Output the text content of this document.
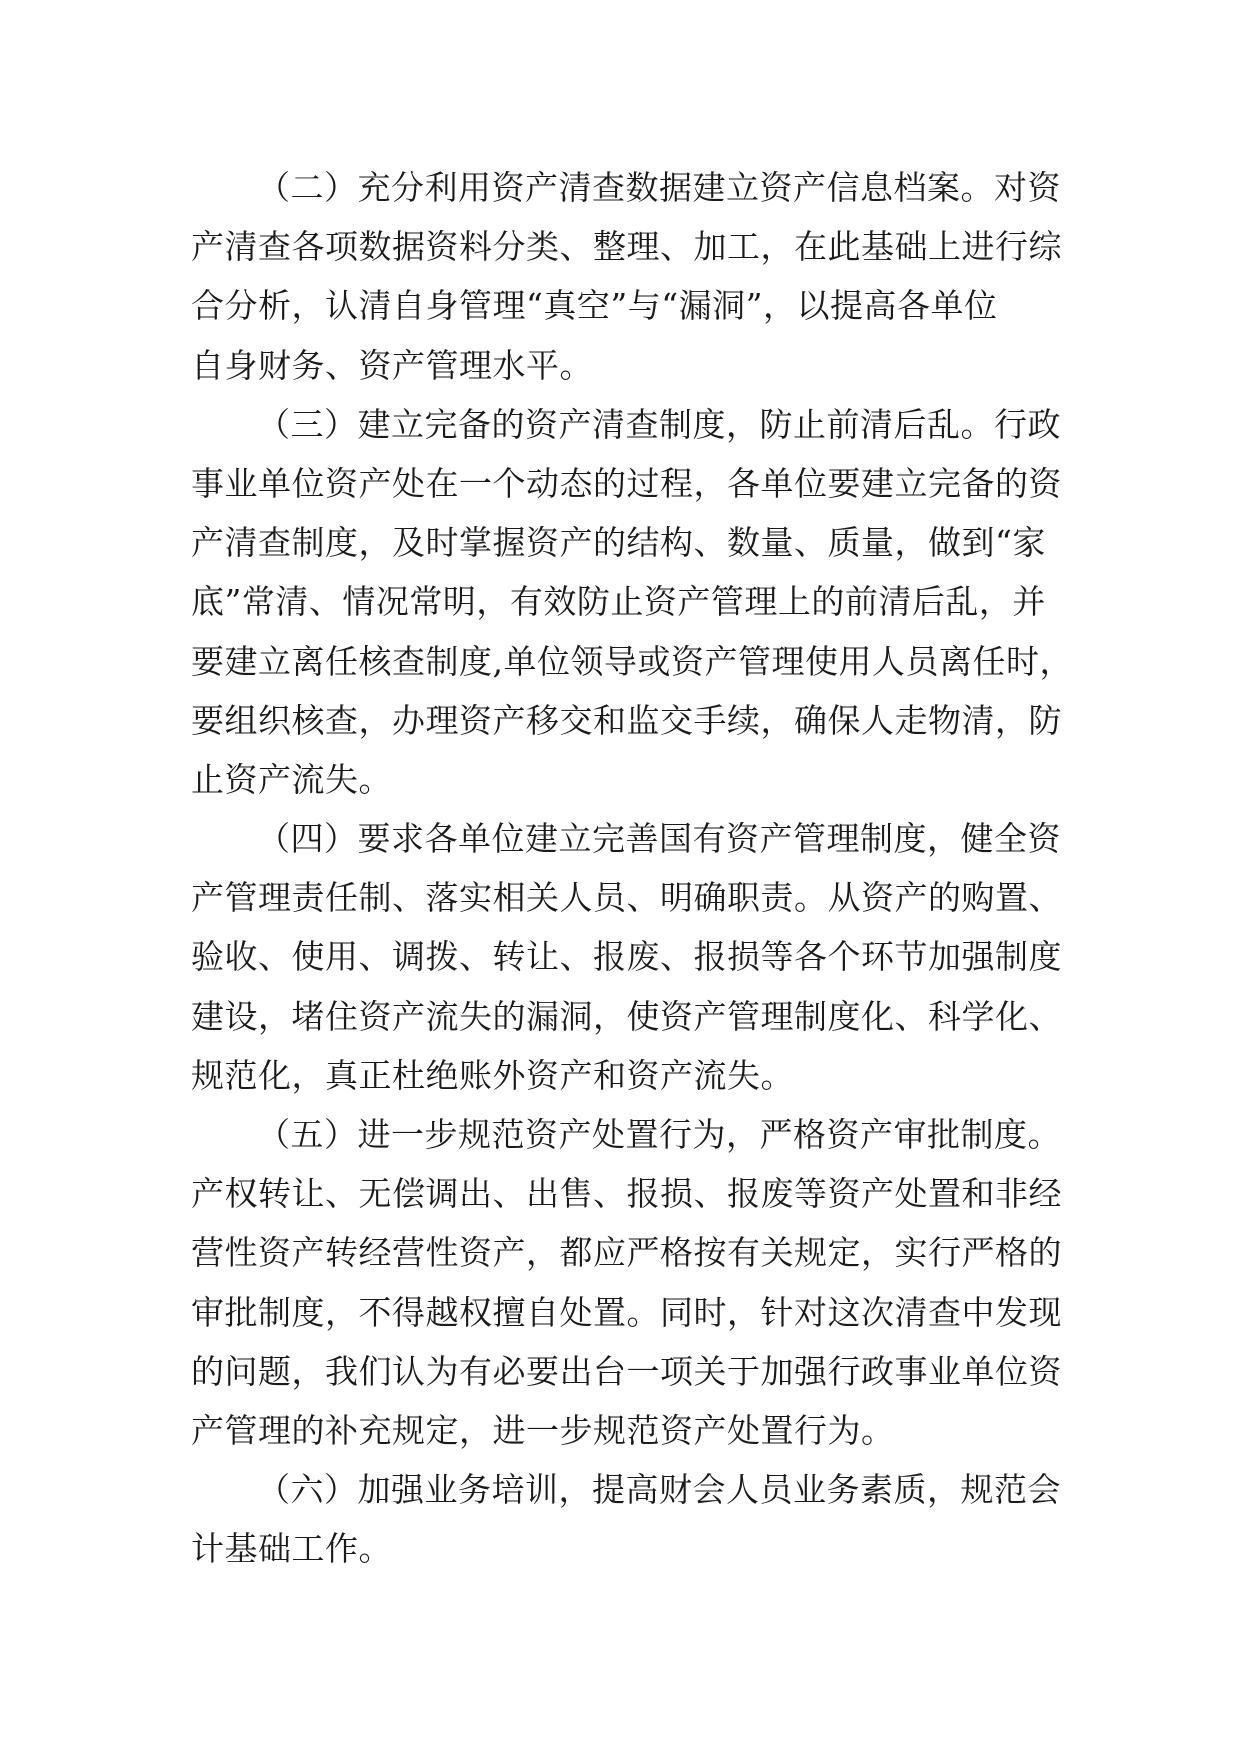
（二）充分利用资产清查数据建立资产信息档案。对资
产清查各项数据资料分类、整理、加工，在此基础上进行综
合分析，认清自身管理“真空”与“漏洞”，以提高各单位
自身财务、资产管理水平。
（三）建立完备的资产清查制度，防止前清后乱。行政
事业单位资产处在一个动态的过程，各单位要建立完备的资
产清查制度，及时掌握资产的结构、数量、质量，做到“家
底”常清、情况常明，有效防止资产管理上的前清后乱，并
要建立离任核查制度,单位领导或资产管理使用人员离任时，
要组织核查，办理资产移交和监交手续，确保人走物清，防
止资产流失。
（四）要求各单位建立完善国有资产管理制度，健全资
产管理责任制、落实相关人员、明确职责。从资产的购置、
验收、使用、调拨、转让、报废、报损等各个环节加强制度
建设，堵住资产流失的漏洞，使资产管理制度化、科学化、
规范化，真正杜绝账外资产和资产流失。
（五）进一步规范资产处置行为，严格资产审批制度。
产权转让、无偿调出、出售、报损、报废等资产处置和非经
营性资产转经营性资产，都应严格按有关规定，实行严格的
审批制度，不得越权擅自处置。同时，针对这次清查中发现
的问题，我们认为有必要出台一项关于加强行政事业单位资
产管理的补充规定，进一步规范资产处置行为。
（六）加强业务培训，提高财会人员业务素质，规范会
计基础工作。
